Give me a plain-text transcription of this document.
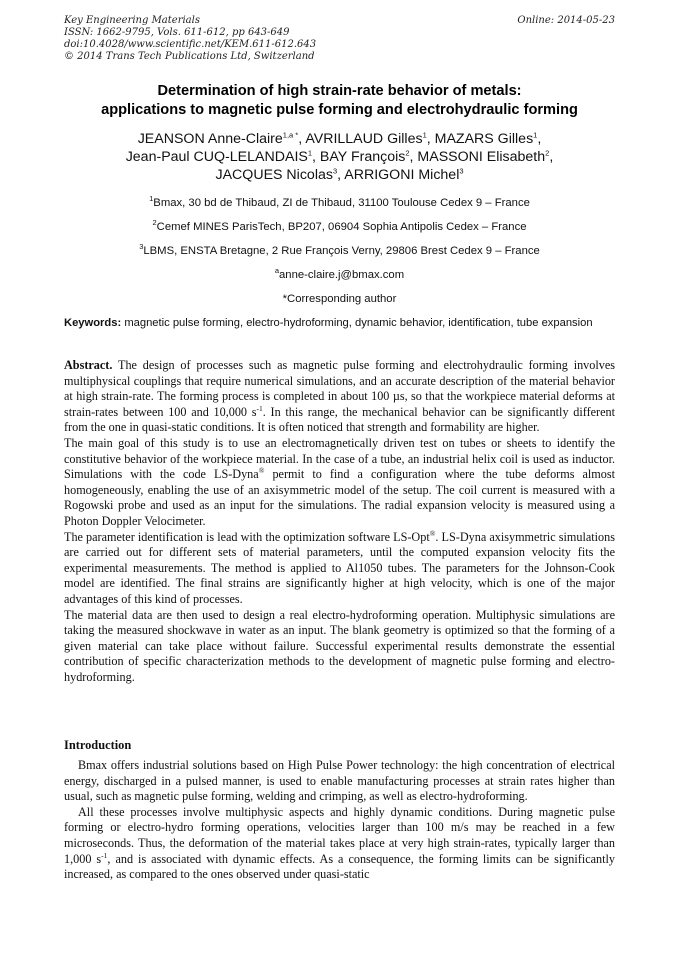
Key Engineering Materials	Online: 2014-05-23
ISSN: 1662-9795, Vols. 611-612, pp 643-649
doi:10.4028/www.scientific.net/KEM.611-612.643
© 2014 Trans Tech Publications Ltd, Switzerland
Determination of high strain-rate behavior of metals:
applications to magnetic pulse forming and electrohydraulic forming
JEANSON Anne-Claire$^{1,a *}$, AVRILLAUD Gilles$^1$, MAZARS Gilles$^1$,
Jean-Paul CUQ-LELANDAIS$^1$, BAY François$^2$, MASSONI Elisabeth$^2$,
JACQUES Nicolas$^3$, ARRIGONI Michel$^3$
$^1$Bmax, 30 bd de Thibaud, ZI de Thibaud, 31100 Toulouse Cedex 9 – France
$^2$Cemef MINES ParisTech, BP207, 06904 Sophia Antipolis Cedex – France
$^3$LBMS, ENSTA Bretagne, 2 Rue François Verny, 29806 Brest Cedex 9 – France
$^a$anne-claire.j@bmax.com
*Corresponding author
Keywords: magnetic pulse forming, electro-hydroforming, dynamic behavior, identification, tube expansion

Abstract. The design of processes such as magnetic pulse forming and electrohydraulic forming involves multiphysical couplings that require numerical simulations, and an accurate description of the material behavior at high strain-rate. The forming process is completed in about 100 µs, so that the workpiece material deforms at strain-rates between 100 and 10,000 $s^{-1}$. In this range, the mechanical behavior can be significantly different from the one in quasi-static conditions. It is often noticed that strength and formability are higher.

The main goal of this study is to use an electromagnetically driven test on tubes or sheets to identify the constitutive behavior of the workpiece material. In the case of a tube, an industrial helix coil is used as inductor. Simulations with the code LS-Dyna® permit to find a configuration where the tube deforms almost homogeneously, enabling the use of an axisymmetric model of the setup. The coil current is measured with a Rogowski probe and used as an input for the simulations. The radial expansion velocity is measured using a Photon Doppler Velocimeter.

The parameter identification is lead with the optimization software LS-Opt®. LS-Dyna axisymmetric simulations are carried out for different sets of material parameters, until the computed expansion velocity fits the experimental measurements. The method is applied to Al1050 tubes. The parameters for the Johnson-Cook model are identified. The final strains are significantly higher at high velocity, which is one of the major advantages of this kind of processes.

The material data are then used to design a real electro-hydroforming operation. Multiphysic simulations are taking the measured shockwave in water as an input. The blank geometry is optimized so that the forming of a given material can take place without failure. Successful experimental results demonstrate the essential contribution of specific characterization methods to the development of magnetic pulse forming and electro-hydroforming.

Introduction

Bmax offers industrial solutions based on High Pulse Power technology: the high concentration of electrical energy, discharged in a pulsed manner, is used to enable manufacturing processes at strain rates higher than usual, such as magnetic pulse forming, welding and crimping, as well as electro-hydroforming.

All these processes involve multiphysic aspects and highly dynamic conditions. During magnetic pulse forming or electro-hydro forming operations, velocities larger than 100 m/s may be reached in a few microseconds. Thus, the deformation of the material takes place at very high strain-rates, typically larger than 1,000 $s^{-1}$, and is associated with dynamic effects. As a consequence, the forming limits can be significantly increased, as compared to the ones observed under quasi-static
